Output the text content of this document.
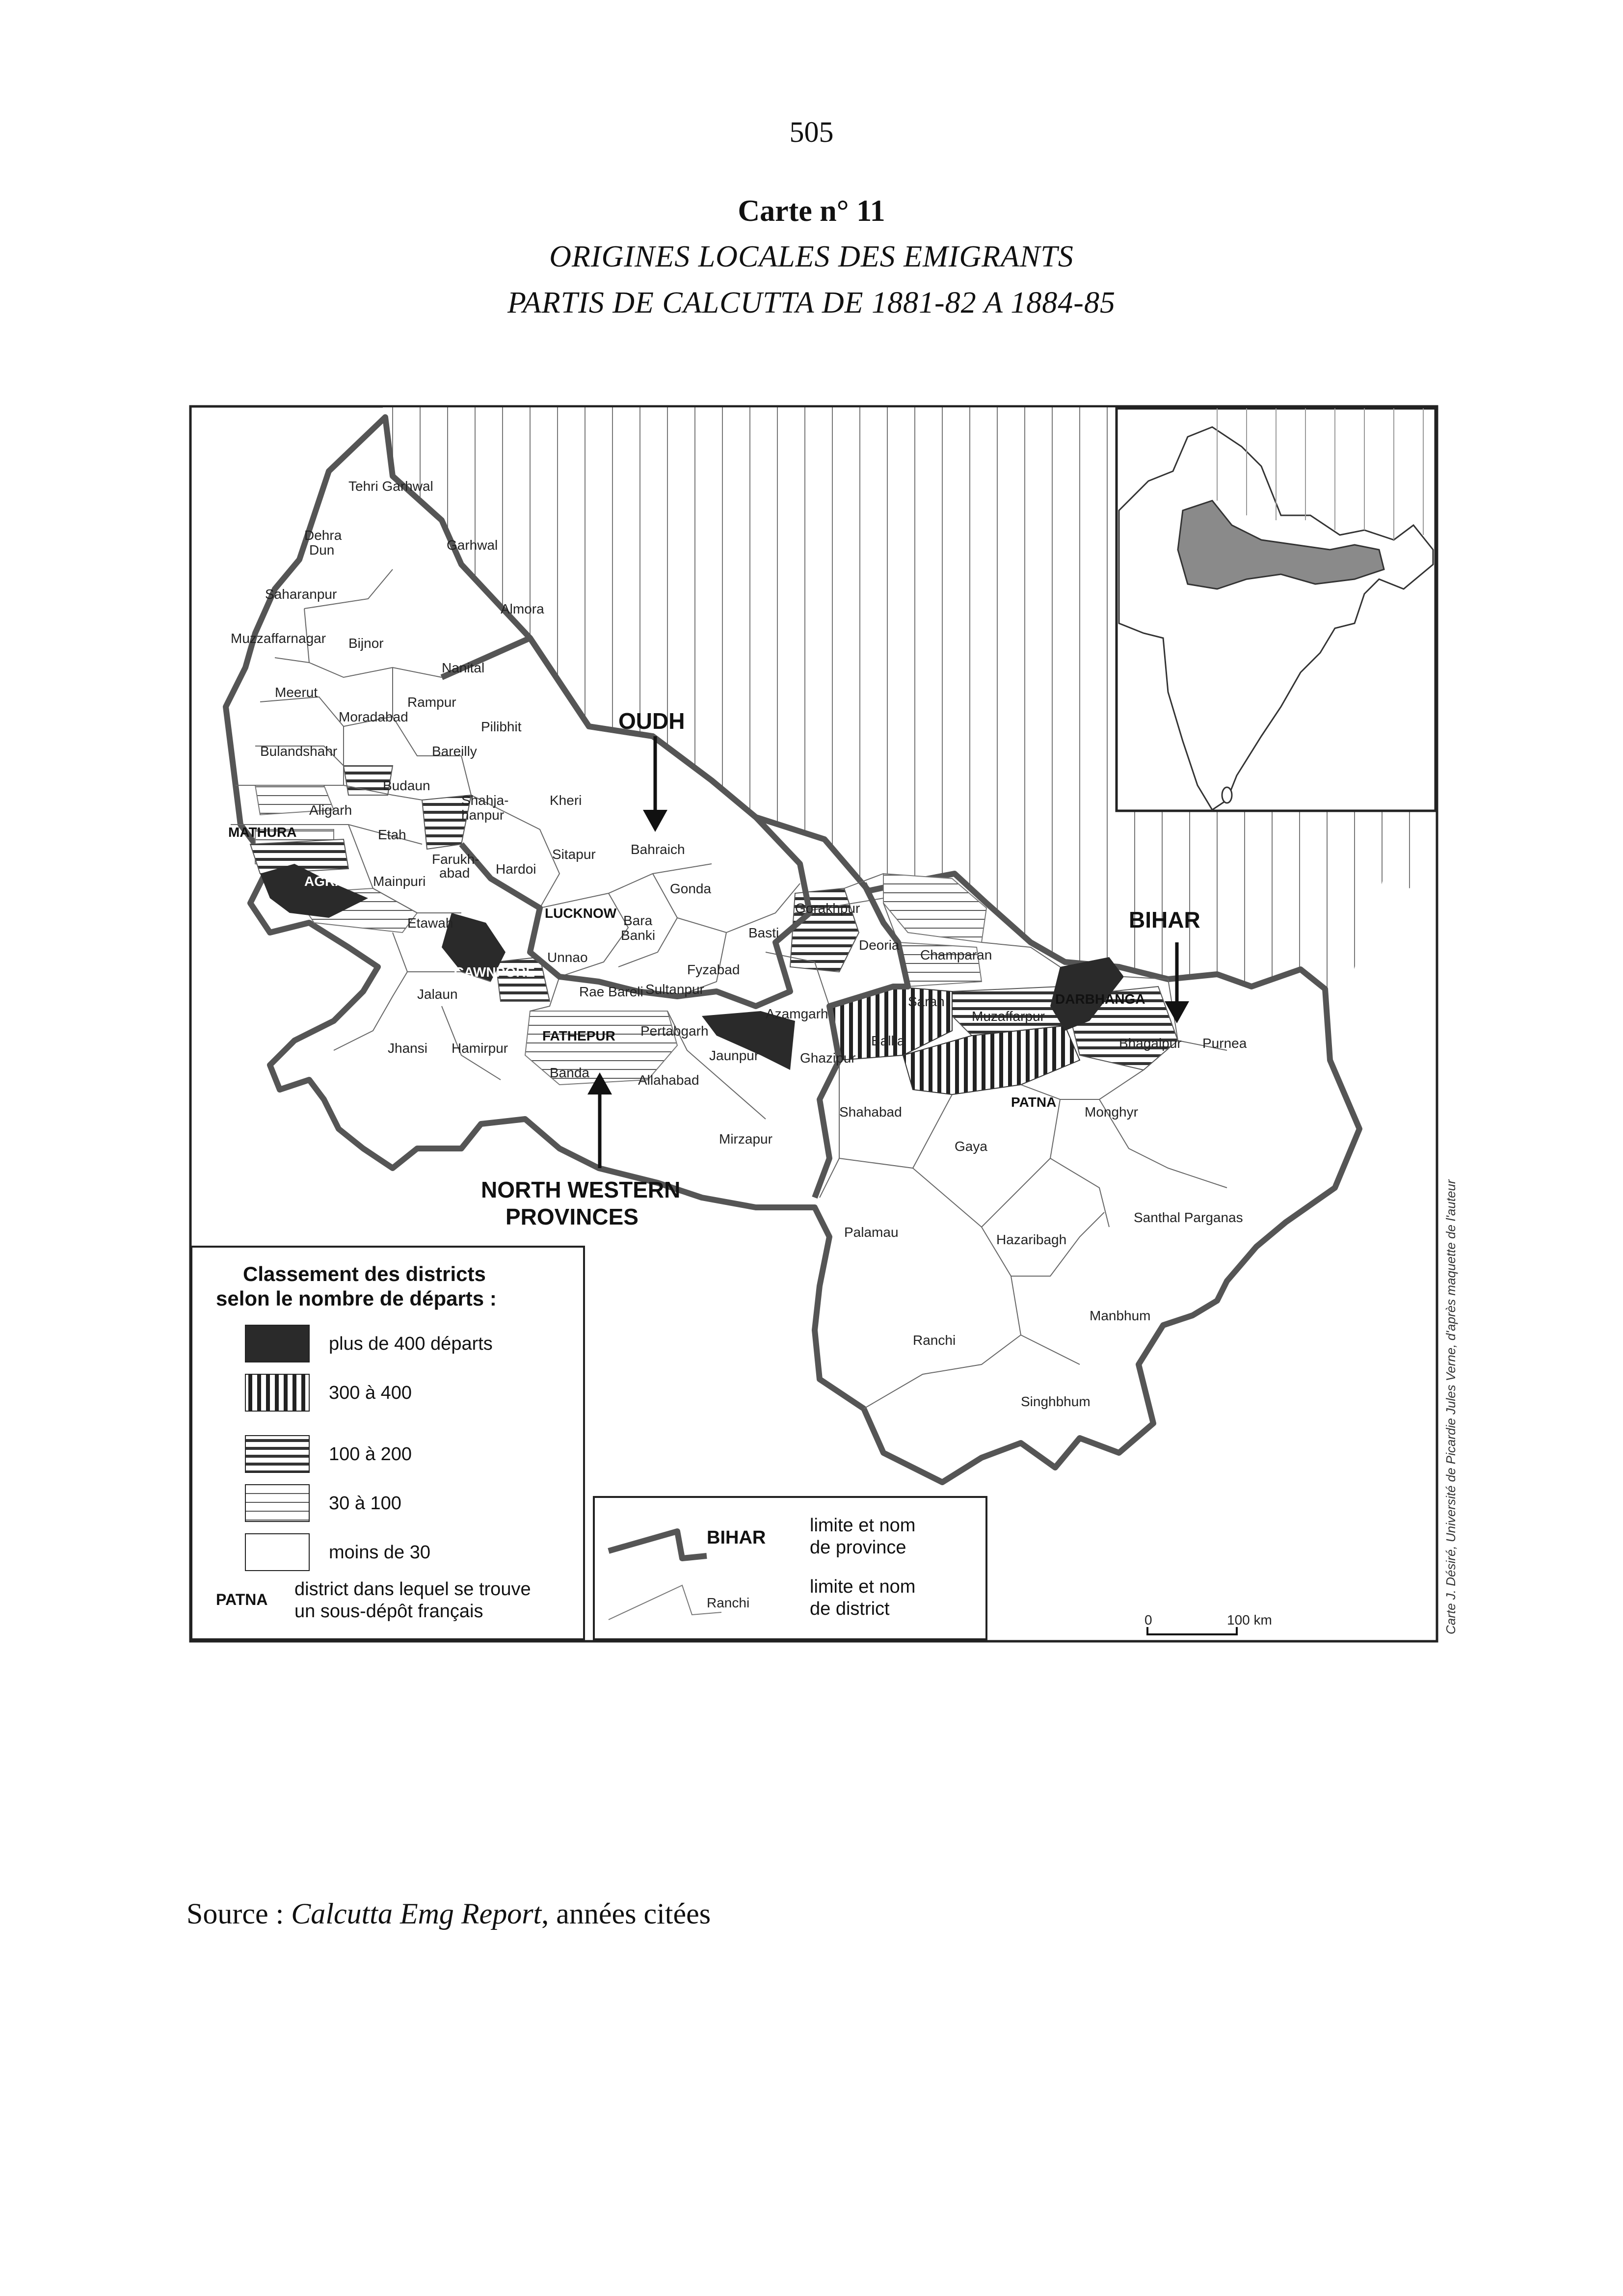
505
Carte n° 11
ORIGINES LOCALES DES EMIGRANTS
PARTIS DE CALCUTTA DE 1881-82 A 1884-85
OUDH
BIHAR
NORTH WESTERN
PROVINCES
Tehri Garhwal
Dehra
Dun	Garhwal
Saharanpur
Almora
Muzzaffarnagar Bijnor
Nanital
Meerut
Moradabad
Rampur
Pilibhit
Bulandshahr	Bareilly
Budaun
Shahja-
hanpur
Aligarh
MATHURA	Etah
Kheri
Farukh-
abad
AGRA Mainpuri
Hardoi
Sitapur	Bahraich
Gonda
Etawah
LUCKNOW Bara
Banki	Basti
Gorakhpur
Deoria
Champaran
CAWNPORE
Unnao
Fyzabad
Jalaun	Rae Bareli Sultanpur
Azamgarh
Saran
Muzaffarpur
DARBHANGA
Jhansi Hamirpur
FATHEPUR Pertabgarh
Ballia	Bhagalpur Purnea
Banda	Allahabad
Jaunpur	Ghazipur
Bénarès
Shahabad
PATNA
Monghyr
Mirzapur	Gaya
Palamau	Hazaribagh
Santhal Parganas
Manbhum
Ranchi
Singhbhum
Classement des districts
selon le nombre de départs :
plus de 400 départs
300 à 400
100 à 200
30 à 100
moins de 30
PATNA district dans lequel se trouve
un sous-dépôt français
BIHAR
limite et nom
de province
Ranchi
limite et nom
de district
0	100 km	Carte J. Désiré, Université de Picardie Jules Verne, d'après maquette de l'auteur
Source : Calcutta Emg Report, années citées
